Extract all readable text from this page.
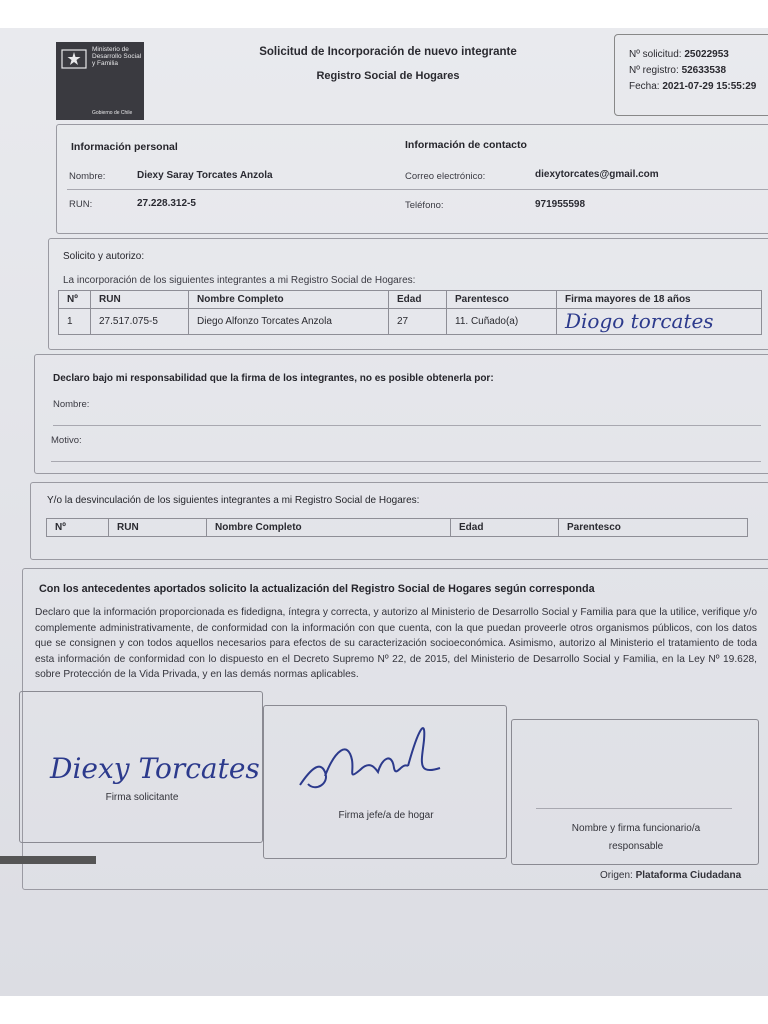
Ministerio de Desarrollo Social y Familia
Gobierno de Chile
Solicitud de Incorporación de nuevo integrante
Registro Social de Hogares
Nº solicitud: 25022953
Nº registro: 52633538
Fecha: 2021-07-29 15:55:29
Información personal	Información de contacto
Nombre:	Diexy Saray Torcates Anzola	Correo electrónico:	diexytorcates@gmail.com
RUN:	27.228.312-5	Teléfono:	971955598
Solicito y autorizo:
La incorporación de los siguientes integrantes a mi Registro Social de Hogares:
Nº	RUN	Nombre Completo	Edad	Parentesco	Firma mayores de 18 años
1	27.517.075-5	Diego Alfonzo Torcates Anzola	27	11. Cuñado(a)	Diogo torcates
Declaro bajo mi responsabilidad que la firma de los integrantes, no es posible obtenerla por:
Nombre:
Motivo:
Y/o la desvinculación de los siguientes integrantes a mi Registro Social de Hogares:
Nº	RUN	Nombre Completo	Edad	Parentesco
Con los antecedentes aportados solicito la actualización del Registro Social de Hogares según corresponda
Declaro que la información proporcionada es fidedigna, íntegra y correcta, y autorizo al Ministerio de Desarrollo Social y Familia para que la utilice, verifique y/o complemente administrativamente, de conformidad con la información con que cuenta, con la que puedan proveerle otros organismos públicos, con los datos que se consignen y con todos aquellos necesarios para efectos de su caracterización socioeconómica. Asimismo, autorizo al Ministerio el tratamiento de toda esta información de conformidad con lo dispuesto en el Decreto Supremo Nº 22, de 2015, del Ministerio de Desarrollo Social y Familia, en la Ley Nº 19.628, sobre Protección de la Vida Privada, y en las demás normas aplicables.
Diexy Torcates
Firma solicitante
Firma jefe/a de hogar
Nombre y firma funcionario/a responsable
Origen: Plataforma Ciudadana
